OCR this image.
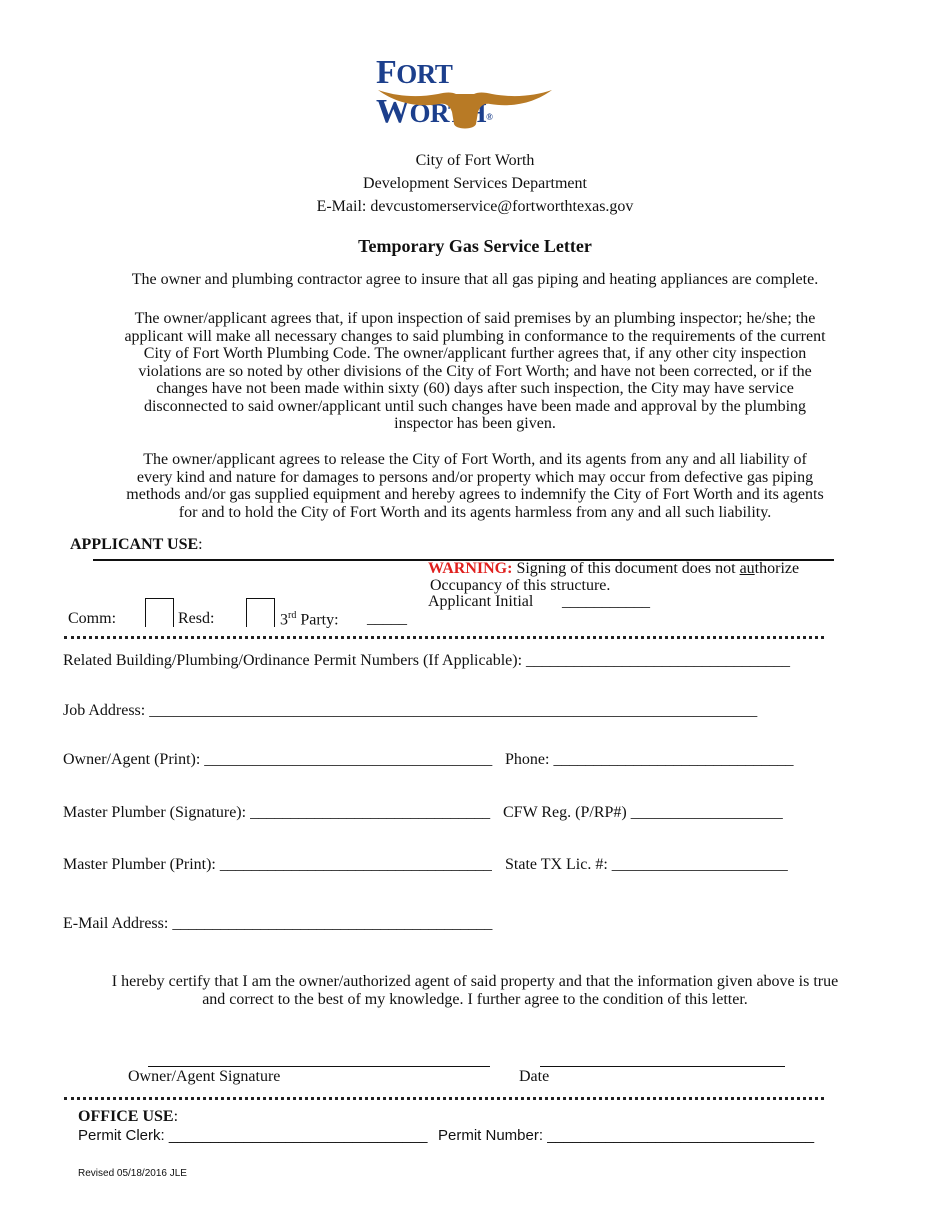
FORT WORTH®
City of Fort Worth
Development Services Department
E-Mail: devcustomerservice@fortworthtexas.gov
Temporary Gas Service Letter
The owner and plumbing contractor agree to insure that all gas piping and heating appliances are complete.
The owner/applicant agrees that, if upon inspection of said premises by an plumbing inspector; he/she; the
applicant will make all necessary changes to said plumbing in conformance to the requirements of the current
City of Fort Worth Plumbing Code. The owner/applicant further agrees that, if any other city inspection
violations are so noted by other divisions of the City of Fort Worth; and have not been corrected, or if the
changes have not been made within sixty (60) days after such inspection, the City may have service
disconnected to said owner/applicant until such changes have been made and approval by the plumbing
inspector has been given.
The owner/applicant agrees to release the City of Fort Worth, and its agents from any and all liability of
every kind and nature for damages to persons and/or property which may occur from defective gas piping
methods and/or gas supplied equipment and hereby agrees to indemnify the City of Fort Worth and its agents
for and to hold the City of Fort Worth and its agents harmless from any and all such liability.
APPLICANT USE:
Comm:	Resd:	3rd Party: _____
WARNING: Signing of this document does not authorize
Occupancy of this structure.
Applicant Initial ___________
Related Building/Plumbing/Ordinance Permit Numbers (If Applicable): _________________________________
Job Address: ____________________________________________________________________________
Owner/Agent (Print): ____________________________________ Phone: ______________________________
Master Plumber (Signature): ______________________________ CFW Reg. (P/RP#) ___________________
Master Plumber (Print): __________________________________ State TX Lic. #: ______________________
E-Mail Address: ________________________________________
I hereby certify that I am the owner/authorized agent of said property and that the information given above is true
and correct to the best of my knowledge. I further agree to the condition of this letter.
Owner/Agent Signature	Date
OFFICE USE:
Permit Clerk: _______________________________ Permit Number: ________________________________
Revised 05/18/2016 JLE
